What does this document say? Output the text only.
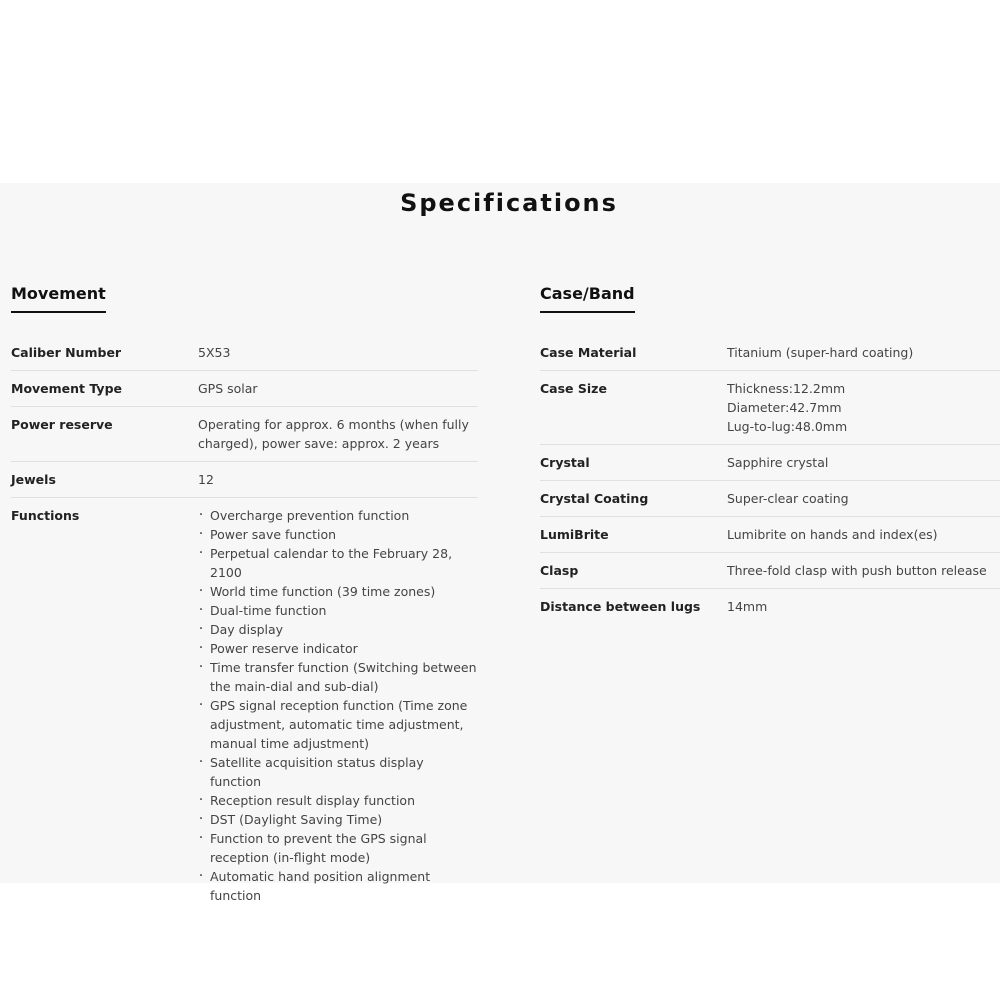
Specifications
Movement
Caliber Number	5X53
Movement Type	GPS solar
Power reserve	Operating for approx. 6 months (when fully charged), power save: approx. 2 years
Jewels	12
Functions
・	Overcharge prevention function
・ Power save function
・ Perpetual calendar to the February 28, 2100
・ World time function (39 time zones)
・ Dual-time function
・ Day display
・ Power reserve indicator
・ Time transfer function (Switching between the main-dial and sub-dial)
・ GPS signal reception function (Time zone adjustment, automatic time adjustment, manual time adjustment)
・ Satellite acquisition status display function
・ Reception result display function
・ DST (Daylight Saving Time)
・ Function to prevent the GPS signal reception (in-flight mode)
・ Automatic hand position alignment function
Case/Band
Case Material	Titanium (super-hard coating)
Case Size	Thickness:12.2mm
Diameter:42.7mm
Lug-to-lug:48.0mm
Crystal	Sapphire crystal
Crystal Coating	Super-clear coating
LumiBrite	Lumibrite on hands and index(es)
Clasp	Three-fold clasp with push button release
Distance between lugs	14mm
